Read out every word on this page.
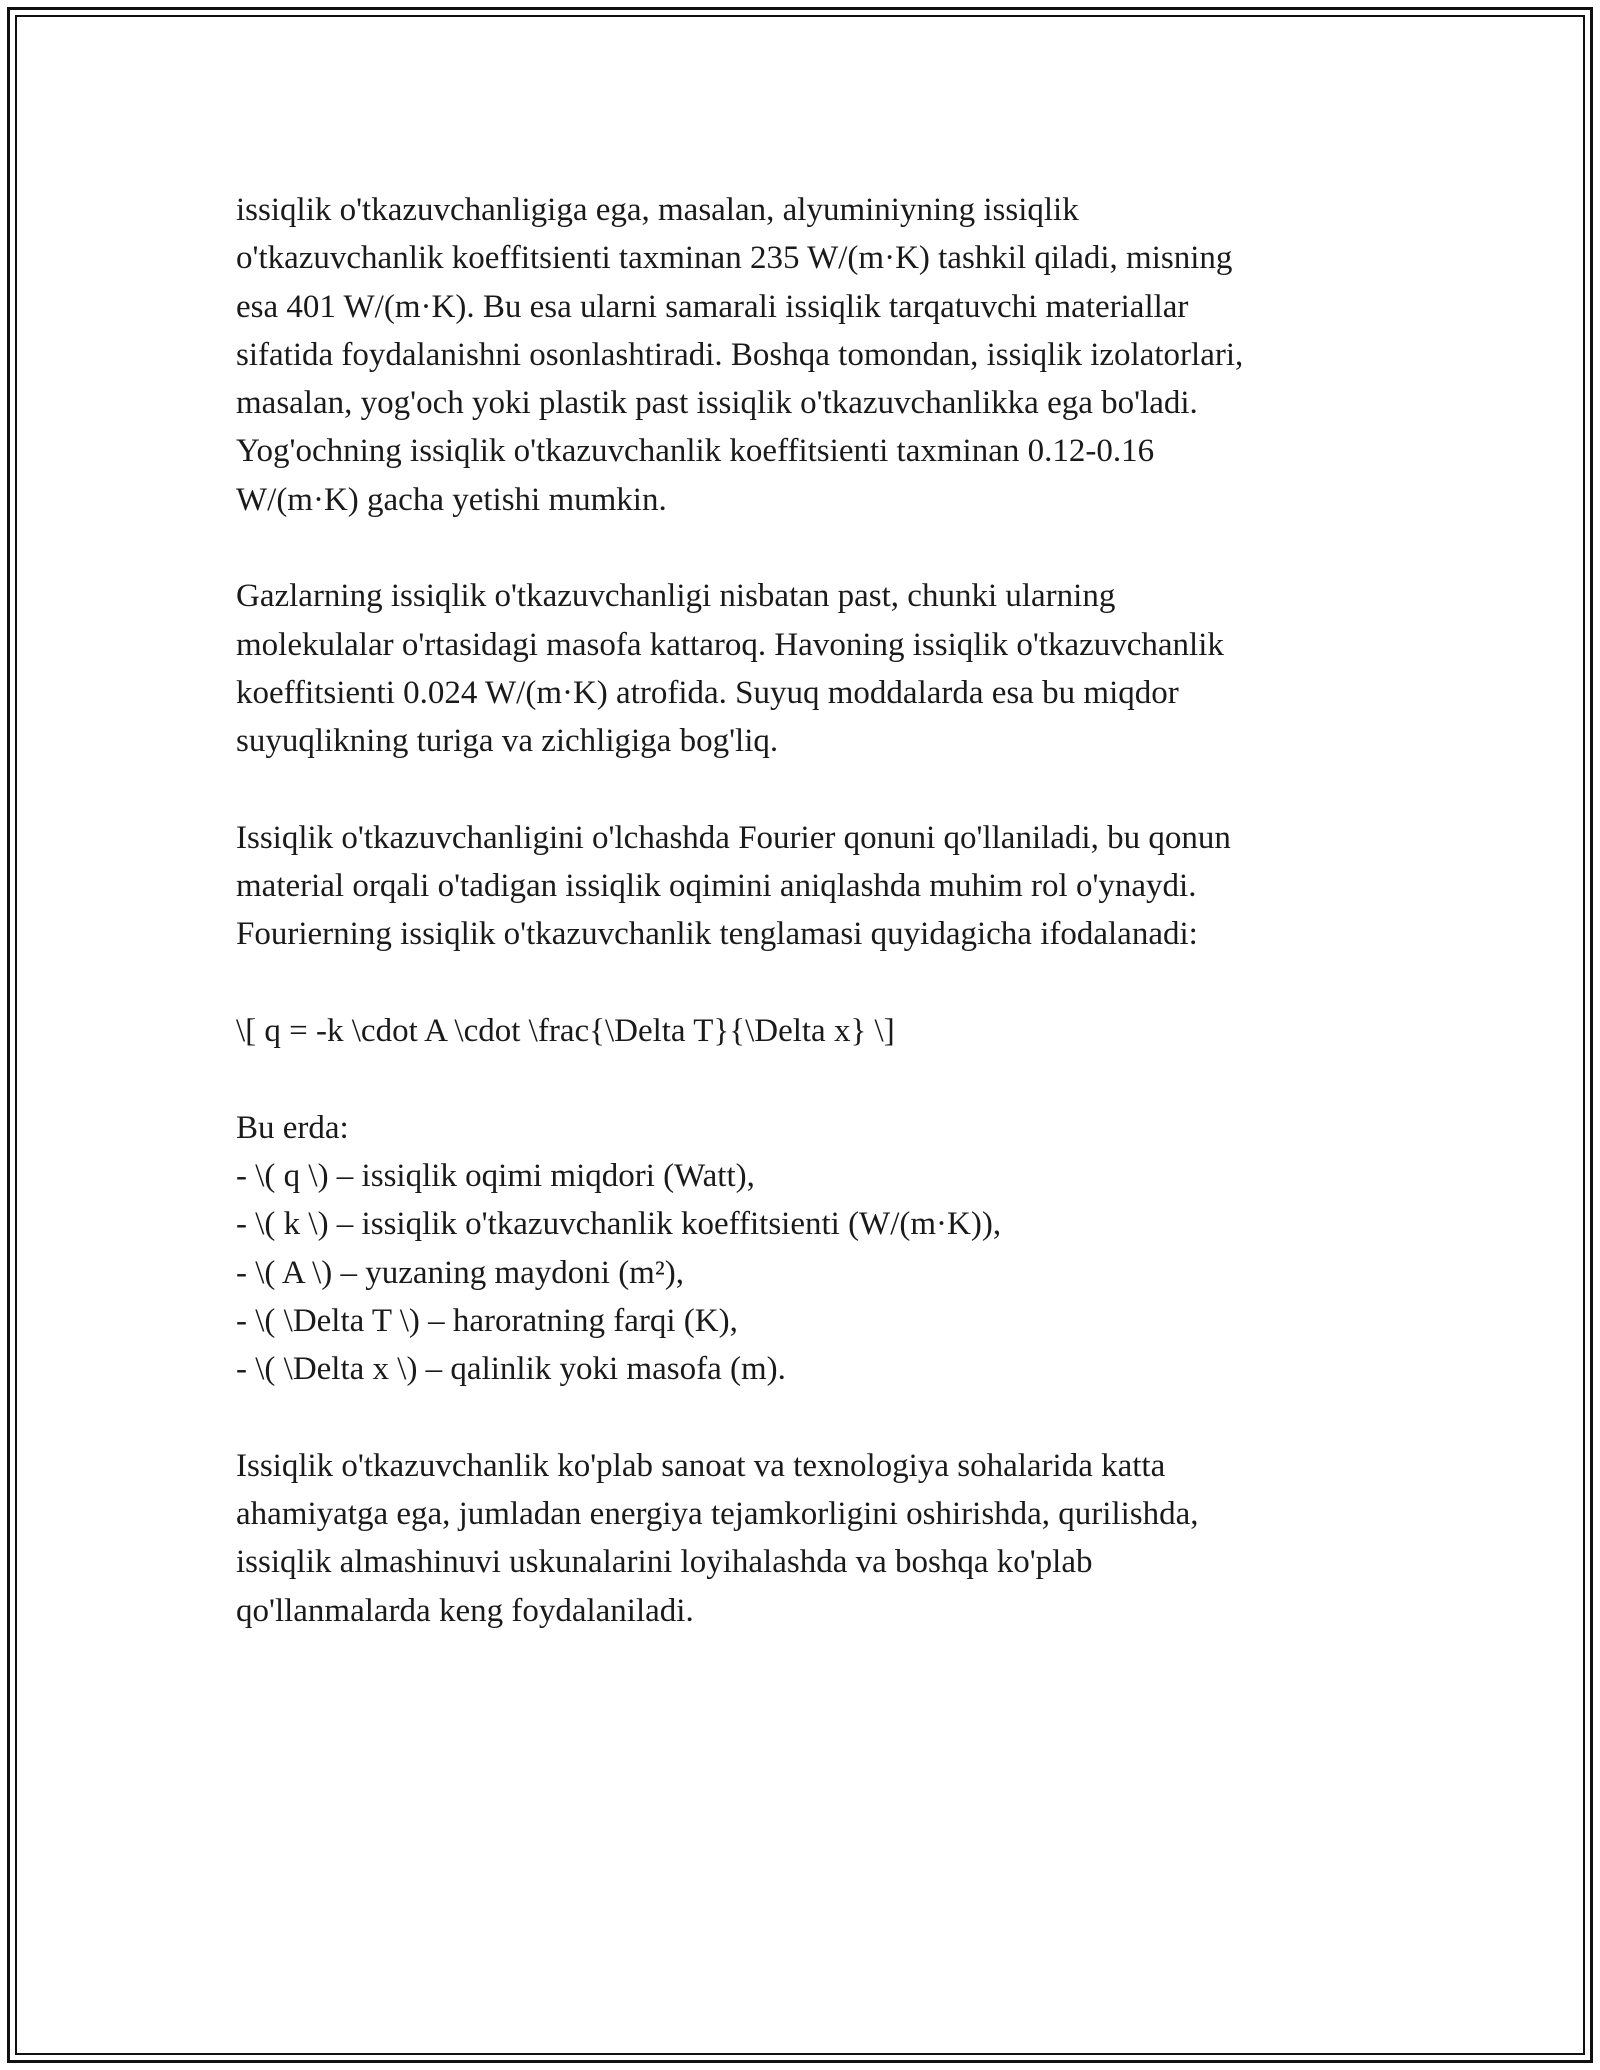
issiqlik o'tkazuvchanligiga ega, masalan, alyuminiyning issiqlik
o'tkazuvchanlik koeffitsienti taxminan 235 W/(m·K) tashkil qiladi, misning
esa 401 W/(m·K). Bu esa ularni samarali issiqlik tarqatuvchi materiallar
sifatida foydalanishni osonlashtiradi. Boshqa tomondan, issiqlik izolatorlari,
masalan, yog'och yoki plastik past issiqlik o'tkazuvchanlikka ega bo'ladi.
Yog'ochning issiqlik o'tkazuvchanlik koeffitsienti taxminan 0.12-0.16
W/(m·K) gacha yetishi mumkin.

Gazlarning issiqlik o'tkazuvchanligi nisbatan past, chunki ularning
molekulalar o'rtasidagi masofa kattaroq. Havoning issiqlik o'tkazuvchanlik
koeffitsienti 0.024 W/(m·K) atrofida. Suyuq moddalarda esa bu miqdor
suyuqlikning turiga va zichligiga bog'liq.

Issiqlik o'tkazuvchanligini o'lchashda Fourier qonuni qo'llaniladi, bu qonun
material orqali o'tadigan issiqlik oqimini aniqlashda muhim rol o'ynaydi.
Fourierning issiqlik o'tkazuvchanlik tenglamasi quyidagicha ifodalanadi:

\[ q = -k \cdot A \cdot \frac{\Delta T}{\Delta x} \]

Bu erda:

- \( q \) – issiqlik oqimi miqdori (Watt),
- \( k \) – issiqlik o'tkazuvchanlik koeffitsienti (W/(m·K)),
- \( A \) – yuzaning maydoni (m²),
- \( \Delta T \) – haroratning farqi (K),
- \( \Delta x \) – qalinlik yoki masofa (m).

Issiqlik o'tkazuvchanlik ko'plab sanoat va texnologiya sohalarida katta
ahamiyatga ega, jumladan energiya tejamkorligini oshirishda, qurilishda,
issiqlik almashinuvi uskunalarini loyihalashda va boshqa ko'plab
qo'llanmalarda keng foydalaniladi.
